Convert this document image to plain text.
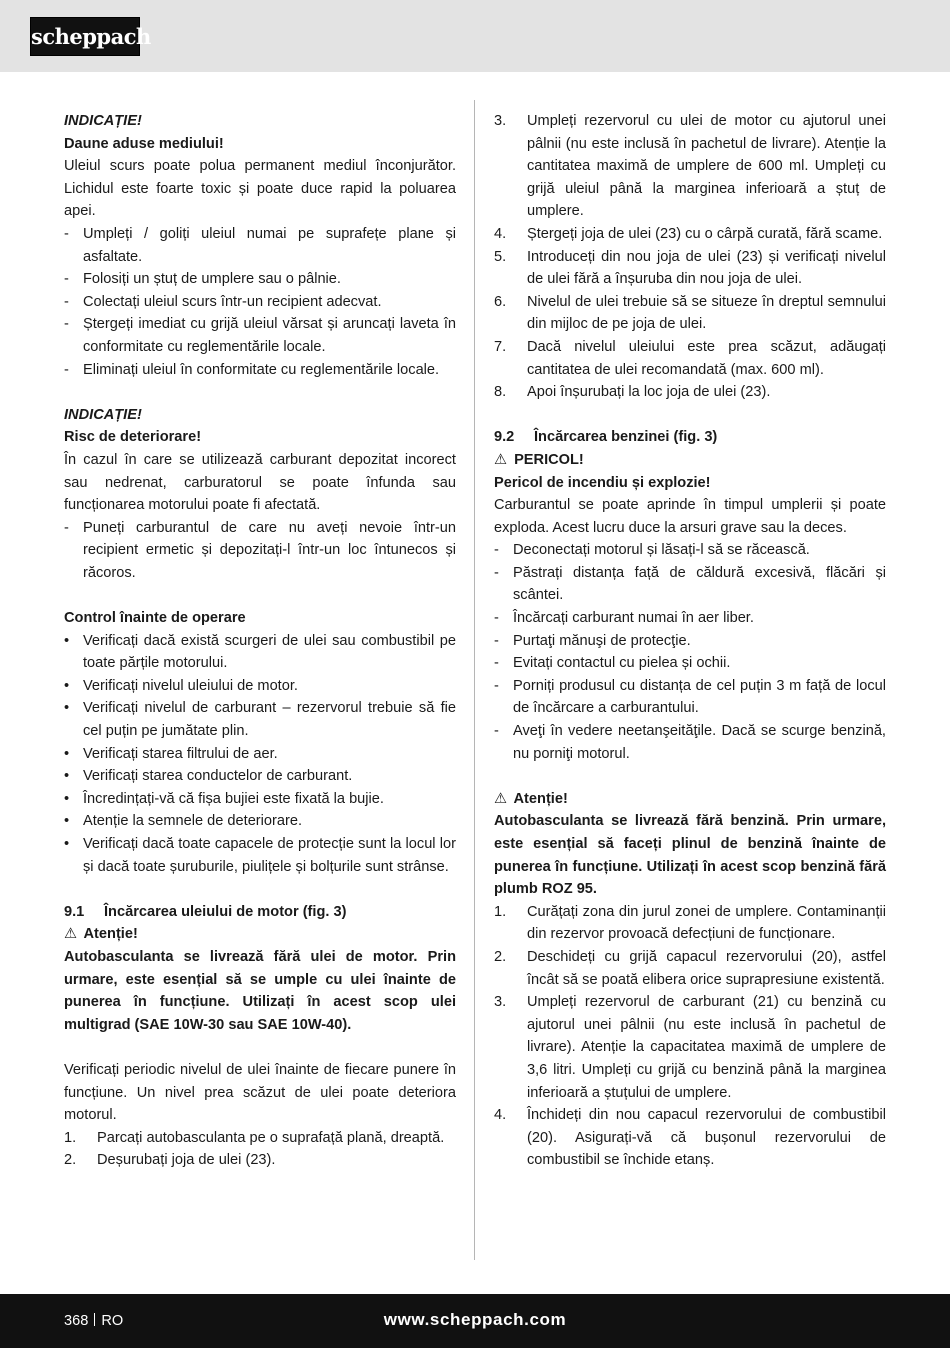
scheppach
INDICAȚIE!
Daune aduse mediului!

Uleiul scurs poate polua permanent mediul înconjurător. Lichidul este foarte toxic și poate duce rapid la poluarea apei.

- Umpleți / goliți uleiul numai pe suprafețe plane și asfaltate.
- Folosiți un ștuț de umplere sau o pâlnie.
- Colectați uleiul scurs într-un recipient adecvat.
- Ștergeți imediat cu grijă uleiul vărsat și aruncați laveta în conformitate cu reglementările locale.
- Eliminați uleiul în conformitate cu reglementările locale.
INDICAȚIE!
Risc de deteriorare!

În cazul în care se utilizează carburant depozitat incorect sau nedrenat, carburatorul se poate înfunda sau funcționarea motorului poate fi afectată.

- Puneți carburantul de care nu aveți nevoie într-un recipient ermetic și depozitați-l într-un loc întunecos și răcoros.
Control înainte de operare
• Verificați dacă există scurgeri de ulei sau combustibil pe toate părțile motorului.
• Verificați nivelul uleiului de motor.
• Verificați nivelul de carburant – rezervorul trebuie să fie cel puțin pe jumătate plin.
• Verificați starea filtrului de aer.
• Verificați starea conductelor de carburant.
• Încredințați-vă că fișa bujiei este fixată la bujie.
• Atenție la semnele de deteriorare.
• Verificați dacă toate capacele de protecție sunt la locul lor și dacă toate șuruburile, piulițele și bolțurile sunt strânse.
9.1 Încărcarea uleiului de motor (fig. 3)
⚠ Atenție!

Autobasculanta se livrează fără ulei de motor. Prin urmare, este esențial să se umple cu ulei înainte de punerea în funcțiune. Utilizați în acest scop ulei multigrad (SAE 10W-30 sau SAE 10W-40).

Verificați periodic nivelul de ulei înainte de fiecare punere în funcțiune. Un nivel prea scăzut de ulei poate deteriora motorul.

1. Parcați autobasculanta pe o suprafață plană, dreaptă.
2. Deșurubați joja de ulei (23).
3. Umpleți rezervorul cu ulei de motor cu ajutorul unei pâlnii (nu este inclusă în pachetul de livrare). Atenție la cantitatea maximă de umplere de 600 ml. Umpleți cu grijă uleiul până la marginea inferioară a ștuț de umplere.
4. Ștergeți joja de ulei (23) cu o cârpă curată, fără scame.
5. Introduceți din nou joja de ulei (23) și verificați nivelul de ulei fără a înșuruba din nou joja de ulei.
6. Nivelul de ulei trebuie să se situeze în dreptul semnului din mijloc de pe joja de ulei.
7. Dacă nivelul uleiului este prea scăzut, adăugați cantitatea de ulei recomandată (max. 600 ml).
8. Apoi înșurubați la loc joja de ulei (23).
9.2 Încărcarea benzinei (fig. 3)
⚠ PERICOL!
Pericol de incendiu și explozie!

Carburantul se poate aprinde în timpul umplerii și poate exploda. Acest lucru duce la arsuri grave sau la deces.

- Deconectați motorul și lăsați-l să se răcească.
- Păstrați distanța față de căldură excesivă, flăcări și scântei.
- Încărcați carburant numai în aer liber.
- Purtaţi mănuşi de protecţie.
- Evitați contactul cu pielea și ochii.
- Porniți produsul cu distanța de cel puțin 3 m față de locul de încărcare a carburantului.
- Aveţi în vedere neetanşeităţile. Dacă se scurge benzină, nu porniţi motorul.
⚠ Atenție!

Autobasculanta se livrează fără benzină. Prin urmare, este esențial să faceți plinul de benzină înainte de punerea în funcțiune. Utilizați în acest scop benzină fără plumb ROZ 95.

1. Curățați zona din jurul zonei de umplere. Contaminanții din rezervor provoacă defecțiuni de funcționare.
2. Deschideți cu grijă capacul rezervorului (20), astfel încât să se poată elibera orice suprapresiune existentă.
3. Umpleți rezervorul de carburant (21) cu benzină cu ajutorul unei pâlnii (nu este inclusă în pachetul de livrare). Atenție la capacitatea maximă de umplere de 3,6 litri. Umpleți cu grijă cu benzină până la marginea inferioară a ștuțului de umplere.
4. Închideți din nou capacul rezervorului de combustibil (20). Asigurați-vă că bușonul rezervorului de combustibil se închide etanș.
368 RO	www.scheppach.com
